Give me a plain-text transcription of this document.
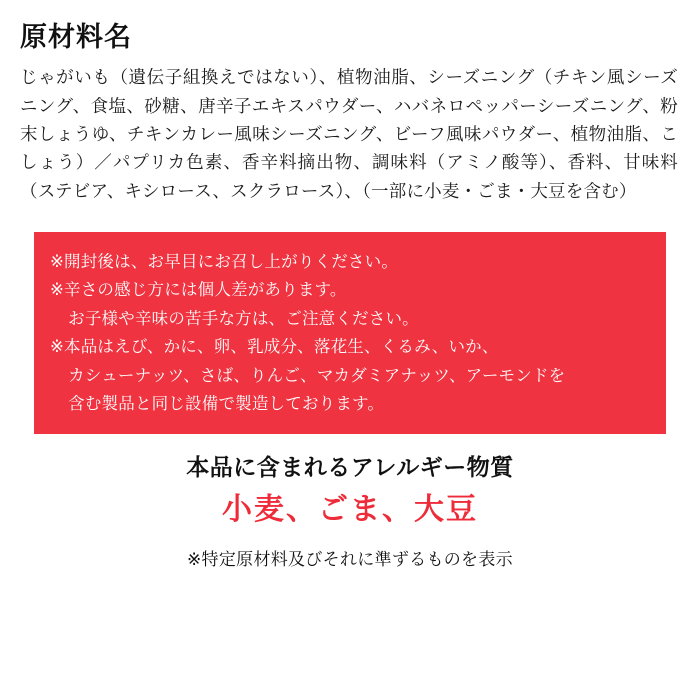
原材料名

じゃがいも（遺伝子組換えではない）、植物油脂、シーズニング（チキン風シーズニング、食塩、砂糖、唐辛子エキスパウダー、ハバネロペッパーシーズニング、粉末しょうゆ、チキンカレー風味シーズニング、ビーフ風味パウダー、植物油脂、こしょう）／パプリカ色素、香辛料摘出物、調味料（アミノ酸等）、香料、甘味料（ステビア、キシロース、スクラロース）、（一部に小麦・ごま・大豆を含む）

※開封後は、お早目にお召し上がりください。
※辛さの感じ方には個人差があります。
お子様や辛味の苦手な方は、ご注意ください。
※本品はえび、かに、卵、乳成分、落花生、くるみ、いか、
カシューナッツ、さば、りんご、マカダミアナッツ、アーモンドを
含む製品と同じ設備で製造しております。
本品に含まれるアレルギー物質
小麦、ごま、大豆
※特定原材料及びそれに準ずるものを表示
